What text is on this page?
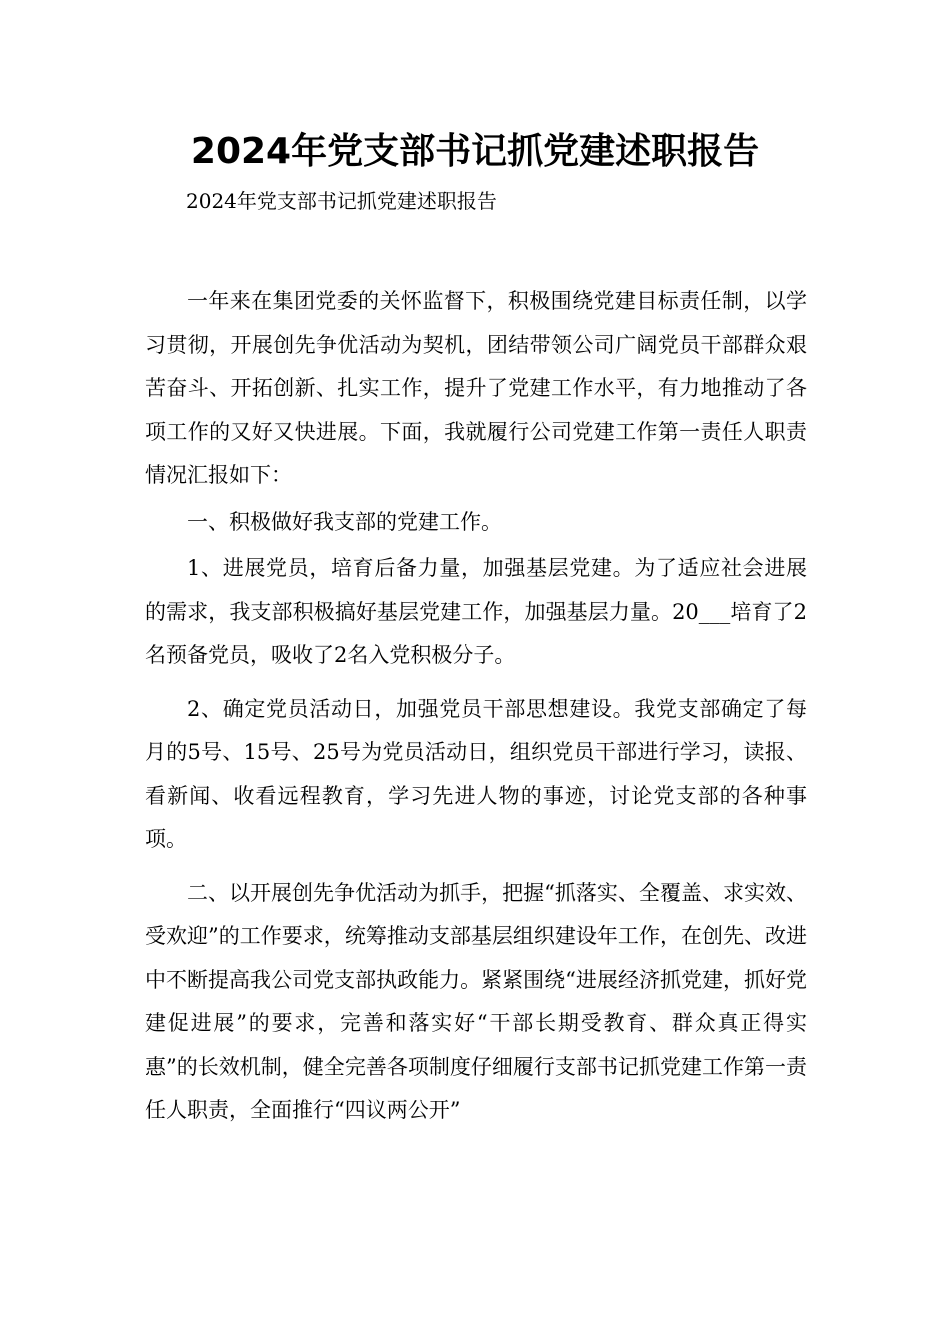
2024年党支部书记抓党建述职报告
2024年党支部书记抓党建述职报告

一年来在集团党委的关怀监督下，积极围绕党建目标责任制，以学习贯彻，开展创先争优活动为契机，团结带领公司广阔党员干部群众艰苦奋斗、开拓创新、扎实工作，提升了党建工作水平，有力地推动了各项工作的又好又快进展。下面，我就履行公司党建工作第一责任人职责情况汇报如下：

一、积极做好我支部的党建工作。

1、进展党员，培育后备力量，加强基层党建。为了适应社会进展的需求，我支部积极搞好基层党建工作，加强基层力量。20___培育了2名预备党员，吸收了2名入党积极分子。

2、确定党员活动日，加强党员干部思想建设。我党支部确定了每月的5号、15号、25号为党员活动日，组织党员干部进行学习，读报、看新闻、收看远程教育，学习先进人物的事迹，讨论党支部的各种事项。

二、以开展创先争优活动为抓手，把握“抓落实、全覆盖、求实效、受欢迎”的工作要求，统筹推动支部基层组织建设年工作，在创先、改进中不断提高我公司党支部执政能力。紧紧围绕“进展经济抓党建，抓好党建促进展”的要求，完善和落实好“干部长期受教育、群众真正得实惠”的长效机制，健全完善各项制度仔细履行支部书记抓党建工作第一责任人职责，全面推行“四议两公开”
